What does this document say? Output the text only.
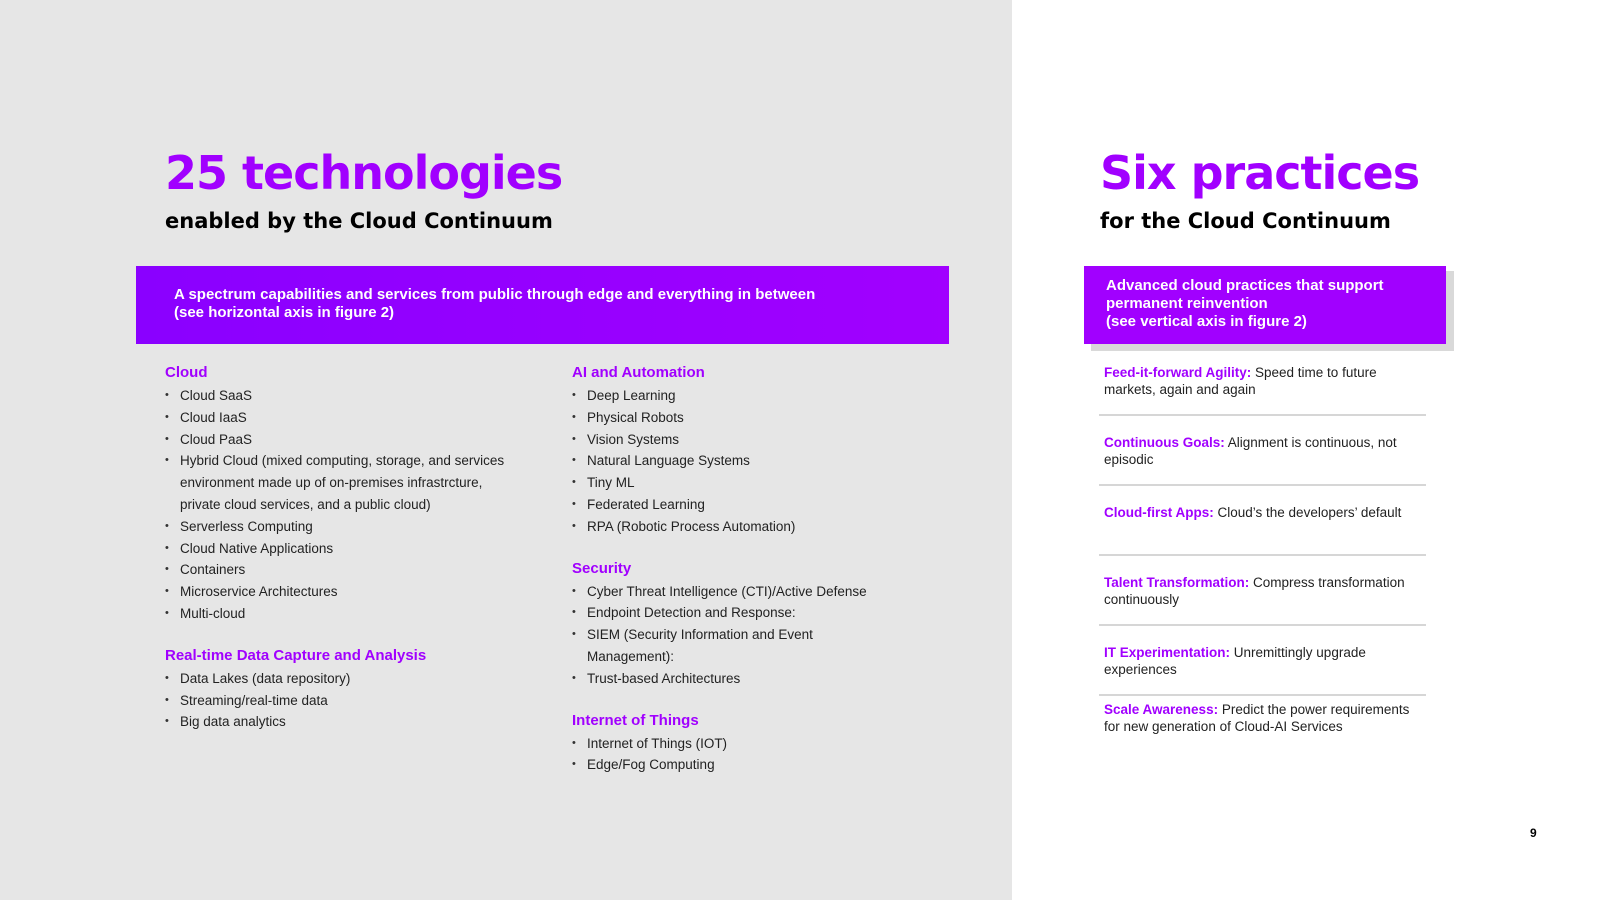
25 technologies
enabled by the Cloud Continuum
A spectrum capabilities and services from public through edge and everything in between
(see horizontal axis in figure 2)
Cloud
• Cloud SaaS
• Cloud IaaS
• Cloud PaaS
• Hybrid Cloud (mixed computing, storage, and services environment made up of on-premises infrastrcture, private cloud services, and a public cloud)
• Serverless Computing
• Cloud Native Applications
• Containers
• Microservice Architectures
• Multi-cloud
Real-time Data Capture and Analysis
• Data Lakes (data repository)
• Streaming/real-time data
• Big data analytics
AI and Automation
• Deep Learning
• Physical Robots
• Vision Systems
• Natural Language Systems
• Tiny ML
• Federated Learning
• RPA (Robotic Process Automation)
Security
• Cyber Threat Intelligence (CTI)/Active Defense
• Endpoint Detection and Response:
• SIEM (Security Information and Event Management):
• Trust-based Architectures
Internet of Things
• Internet of Things (IOT)
• Edge/Fog Computing
Six practices
for the Cloud Continuum
Advanced cloud practices that support
permanent reinvention
(see vertical axis in figure 2)
Feed-it-forward Agility: Speed time to future markets, again and again
Continuous Goals: Alignment is continuous, not episodic
Cloud-first Apps: Cloud’s the developers’ default
Talent Transformation: Compress transformation continuously
IT Experimentation: Unremittingly upgrade experiences
Scale Awareness: Predict the power requirements for new generation of Cloud-AI Services
9
